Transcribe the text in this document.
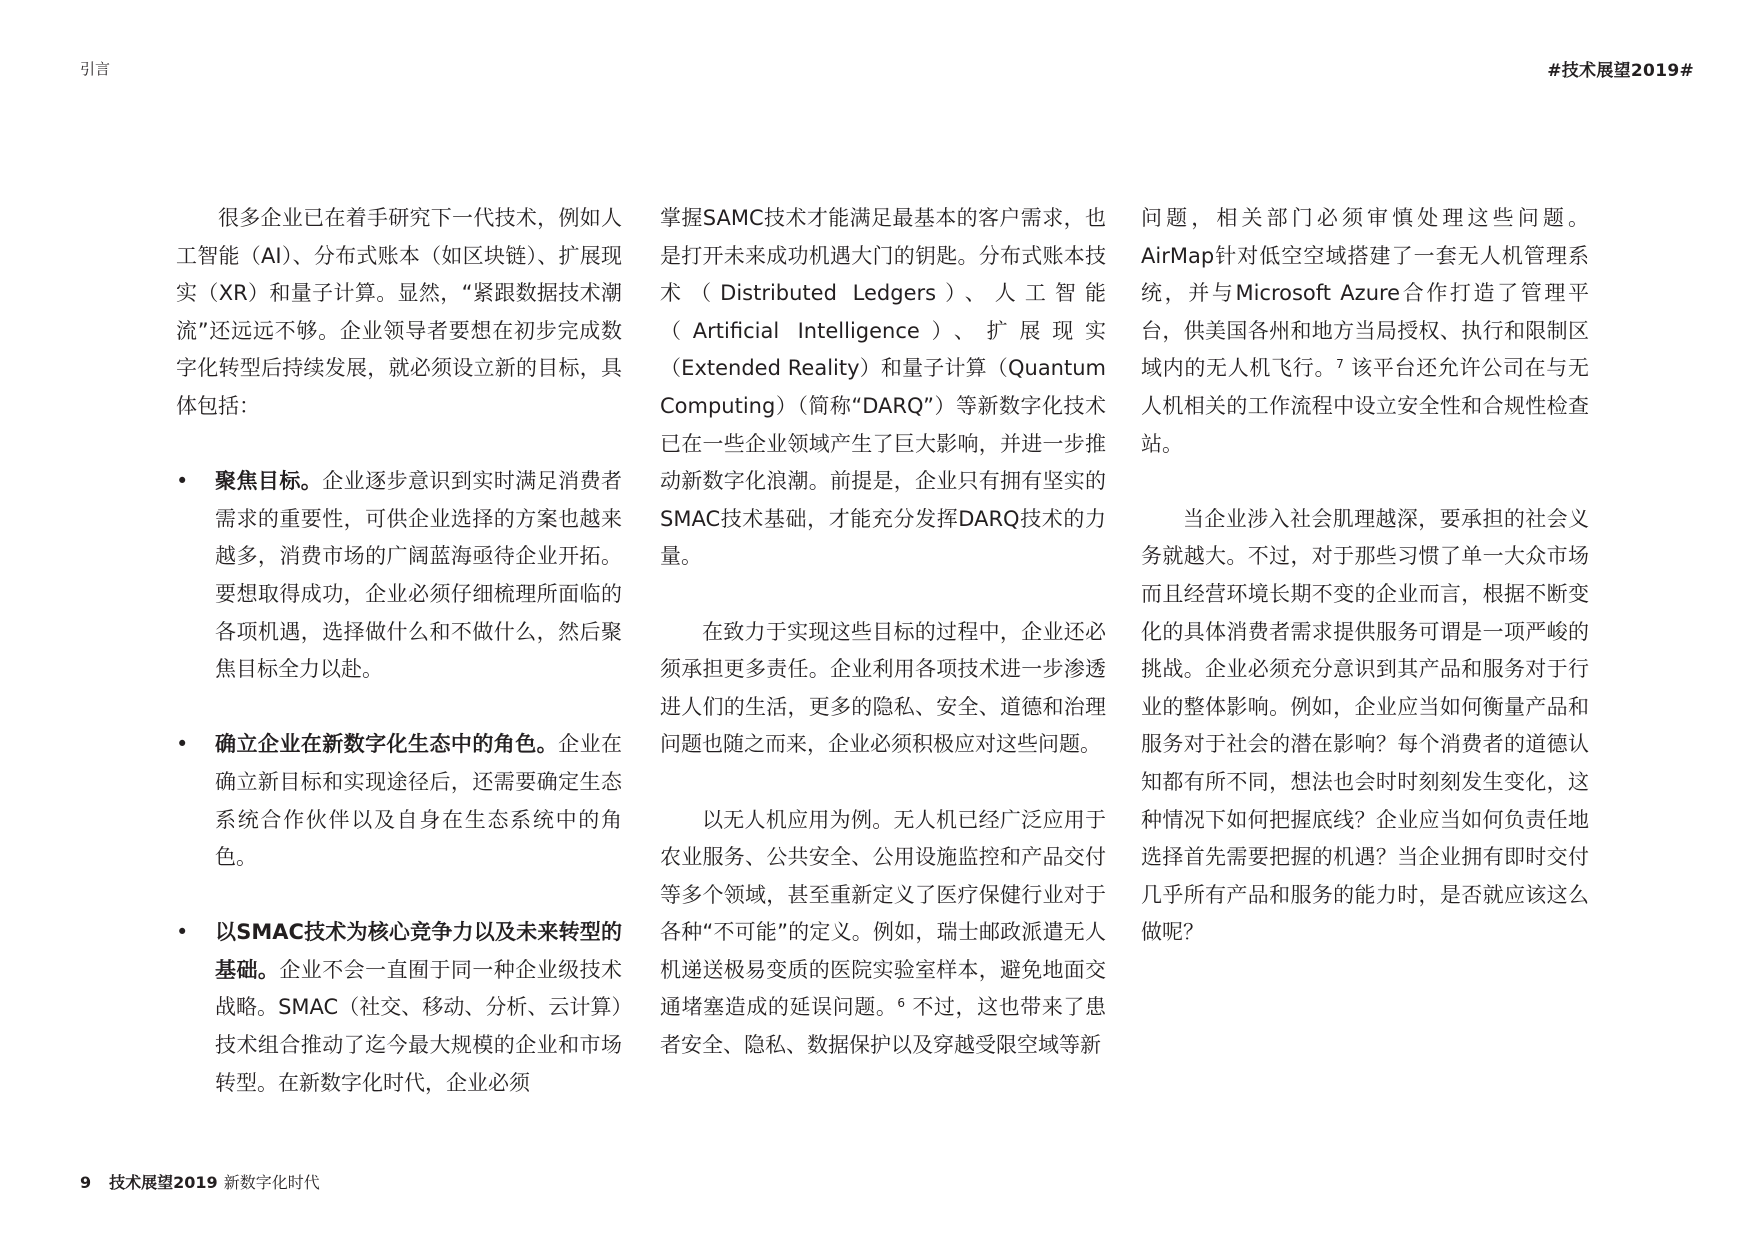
引言	#技术展望2019#

很多企业已在着手研究下一代技术，例如人工智能（AI）、分布式账本（如区块链）、扩展现实（XR）和量子计算。显然，“紧跟数据技术潮流”还远远不够。企业领导者要想在初步完成数字化转型后持续发展，就必须设立新的目标，具体包括：

• 聚焦目标。企业逐步意识到实时满足消费者需求的重要性，可供企业选择的方案也越来越多，消费市场的广阔蓝海亟待企业开拓。要想取得成功，企业必须仔细梳理所面临的各项机遇，选择做什么和不做什么，然后聚焦目标全力以赴。
• 确立企业在新数字化生态中的角色。企业在确立新目标和实现途径后，还需要确定生态系统合作伙伴以及自身在生态系统中的角色。
• 以SMAC技术为核心竞争力以及未来转型的基础。企业不会一直囿于同一种企业级技术战略。SMAC（社交、移动、分析、云计算）技术组合推动了迄今最大规模的企业和市场转型。在新数字化时代，企业必须

掌握SAMC技术才能满足最基本的客户需求，也是打开未来成功机遇大门的钥匙。分布式账本技术（Distributed Ledgers）、人工智能（Artificial Intelligence）、扩展现实（Extended Reality）和量子计算（Quantum Computing）（简称“DARQ”）等新数字化技术已在一些企业领域产生了巨大影响，并进一步推动新数字化浪潮。前提是，企业只有拥有坚实的SMAC技术基础，才能充分发挥DARQ技术的力量。

在致力于实现这些目标的过程中，企业还必须承担更多责任。企业利用各项技术进一步渗透进人们的生活，更多的隐私、安全、道德和治理问题也随之而来，企业必须积极应对这些问题。

以无人机应用为例。无人机已经广泛应用于农业服务、公共安全、公用设施监控和产品交付等多个领域，甚至重新定义了医疗保健行业对于各种“不可能”的定义。例如，瑞士邮政派遣无人机递送极易变质的医院实验室样本，避免地面交通堵塞造成的延误问题。$^6$ 不过，这也带来了患者安全、隐私、数据保护以及穿越受限空域等新

问题，相关部门必须审慎处理这些问题。AirMap针对低空空域搭建了一套无人机管理系统，并与Microsoft Azure合作打造了管理平台，供美国各州和地方当局授权、执行和限制区域内的无人机飞行。$^7$ 该平台还允许公司在与无人机相关的工作流程中设立安全性和合规性检查站。

当企业涉入社会肌理越深，要承担的社会义务就越大。不过，对于那些习惯了单一大众市场而且经营环境长期不变的企业而言，根据不断变化的具体消费者需求提供服务可谓是一项严峻的挑战。企业必须充分意识到其产品和服务对于行业的整体影响。例如，企业应当如何衡量产品和服务对于社会的潜在影响？每个消费者的道德认知都有所不同，想法也会时时刻刻发生变化，这种情况下如何把握底线？企业应当如何负责任地选择首先需要把握的机遇？当企业拥有即时交付几乎所有产品和服务的能力时，是否就应该这么做呢？

9 技术展望2019 新数字化时代
